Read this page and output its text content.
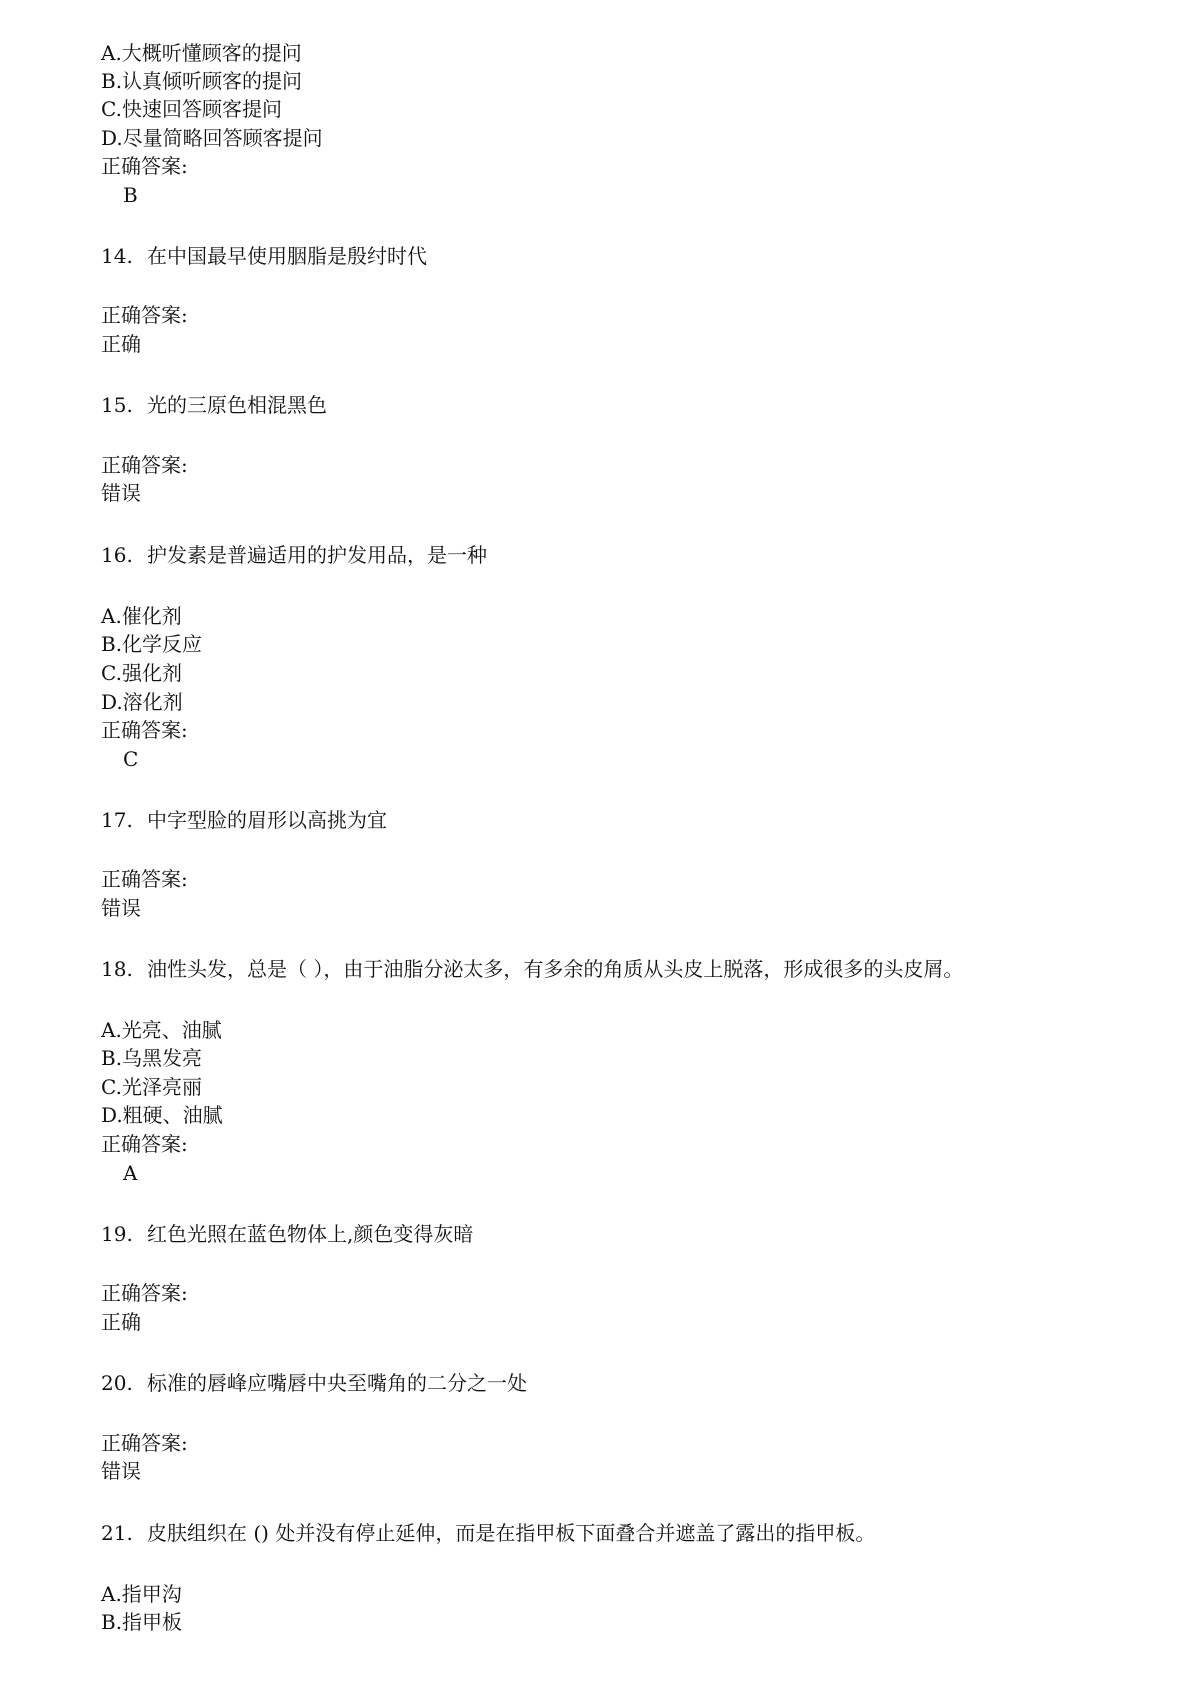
A.大概听懂顾客的提问
B.认真倾听顾客的提问
C.快速回答顾客提问
D.尽量简略回答顾客提问
正确答案:
B
14. 在中国最早使用胭脂是殷纣时代
正确答案:
正确
15. 光的三原色相混黑色
正确答案:
错误
16. 护发素是普遍适用的护发用品，是一种
A.催化剂
B.化学反应
C.强化剂
D.溶化剂
正确答案:
C
17. 中字型脸的眉形以高挑为宜
正确答案:
错误
18. 油性头发，总是（ ），由于油脂分泌太多，有多余的角质从头皮上脱落，形成很多的头皮屑。
A.光亮、油腻
B.乌黑发亮
C.光泽亮丽
D.粗硬、油腻
正确答案:
A
19. 红色光照在蓝色物体上,颜色变得灰暗
正确答案:
正确
20. 标准的唇峰应嘴唇中央至嘴角的二分之一处
正确答案:
错误
21. 皮肤组织在 () 处并没有停止延伸，而是在指甲板下面叠合并遮盖了露出的指甲板。
A.指甲沟
B.指甲板
